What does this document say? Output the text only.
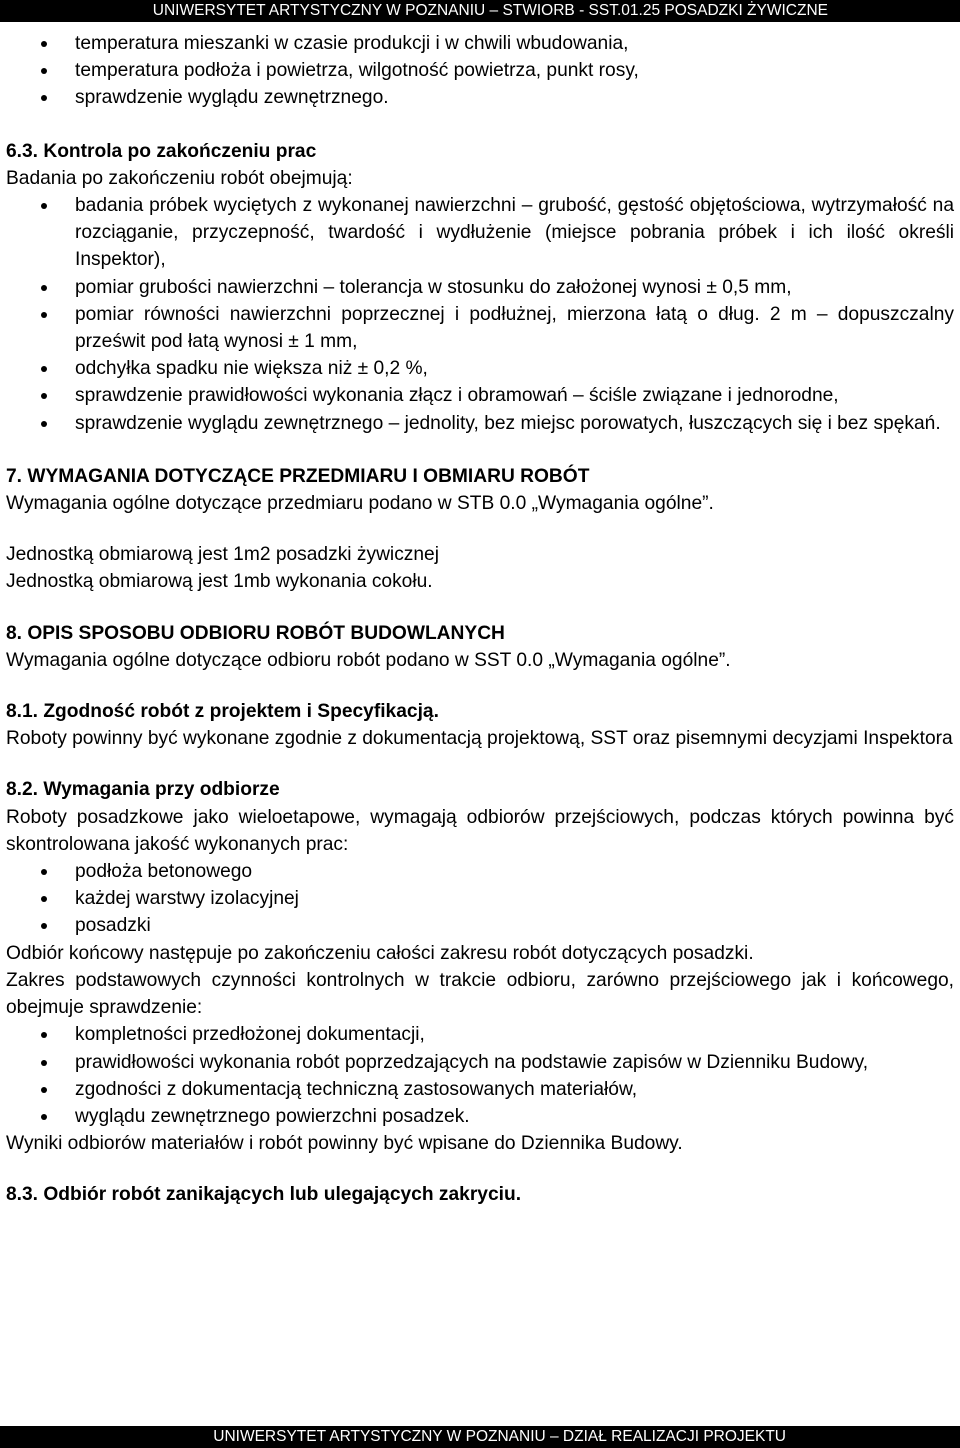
UNIWERSYTET ARTYSTYCZNY W POZNANIU – STWIORB - SST.01.25 POSADZKI ŻYWICZNE
temperatura mieszanki w czasie produkcji i w chwili wbudowania,
temperatura podłoża i powietrza, wilgotność powietrza, punkt rosy,
sprawdzenie wyglądu zewnętrznego.

6.3. Kontrola po zakończeniu prac

Badania po zakończeniu robót obejmują:

badania próbek wyciętych z wykonanej nawierzchni – grubość, gęstość objętościowa, wytrzymałość na rozciąganie, przyczepność, twardość i wydłużenie (miejsce pobrania próbek i ich ilość określi Inspektor),
pomiar grubości nawierzchni – tolerancja w stosunku do założonej wynosi ± 0,5 mm,
pomiar równości nawierzchni poprzecznej i podłużnej, mierzona łatą o dług. 2 m – dopuszczalny prześwit pod łatą wynosi ± 1 mm,
odchyłka spadku nie większa niż ± 0,2 %,
sprawdzenie prawidłowości wykonania złącz i obramowań – ściśle związane i jednorodne,
sprawdzenie wyglądu zewnętrznego – jednolity, bez miejsc porowatych, łuszczących się i bez spękań.

7. WYMAGANIA DOTYCZĄCE PRZEDMIARU I OBMIARU ROBÓT

Wymagania ogólne dotyczące przedmiaru podano w STB 0.0 „Wymagania ogólne”.

Jednostką obmiarową jest 1m2 posadzki żywicznej

Jednostką obmiarową jest 1mb wykonania cokołu.

8. OPIS SPOSOBU ODBIORU ROBÓT BUDOWLANYCH

Wymagania ogólne dotyczące odbioru robót podano w SST 0.0 „Wymagania ogólne”.

8.1. Zgodność robót z projektem i Specyfikacją.

Roboty powinny być wykonane zgodnie z dokumentacją projektową, SST oraz pisemnymi decyzjami Inspektora

8.2. Wymagania przy odbiorze

Roboty posadzkowe jako wieloetapowe, wymagają odbiorów przejściowych, podczas których powinna być skontrolowana jakość wykonanych prac:

podłoża betonowego
każdej warstwy izolacyjnej
posadzki

Odbiór końcowy następuje po zakończeniu całości zakresu robót dotyczących posadzki.

Zakres podstawowych czynności kontrolnych w trakcie odbioru, zarówno przejściowego jak i końcowego, obejmuje sprawdzenie:

kompletności przedłożonej dokumentacji,
prawidłowości wykonania robót poprzedzających na podstawie zapisów w Dzienniku Budowy,
zgodności z dokumentacją techniczną zastosowanych materiałów,
wyglądu zewnętrznego powierzchni posadzek.

Wyniki odbiorów materiałów i robót powinny być wpisane do Dziennika Budowy.

8.3. Odbiór robót zanikających lub ulegających zakryciu.

UNIWERSYTET ARTYSTYCZNY W POZNANIU – DZIAŁ REALIZACJI PROJEKTU
